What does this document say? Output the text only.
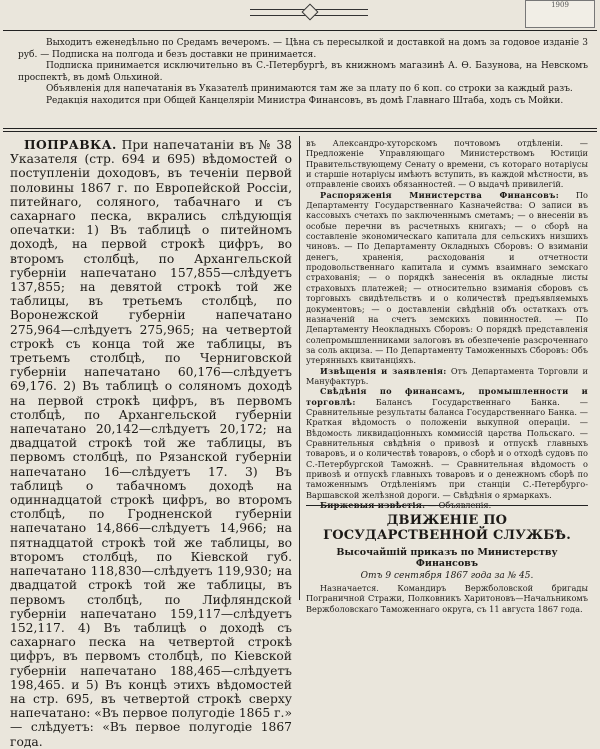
1909

Выходитъ еженедѣльно по Средамъ вечеромъ. — Цѣна съ пересылкой и доставкой на домъ за годовое изданіе 3 руб. — Подписка на полгода и безъ доставки не принимается.

Подписка принимается исключительно въ С.-Петербургѣ, въ книжномъ магазинѣ А. Ѳ. Базунова, на Невскомъ проспектѣ, въ домѣ Ольхиной.

Объявленія для напечатанія въ Указателѣ принимаются там же за плату по 6 коп. со строки за каждый разъ.

Редакція находится при Общей Канцеляріи Министра Финансовъ, въ домѣ Главнаго Штаба, ходъ съ Мойки.

ПОПРАВКА. При напечатаніи въ № 38 Указателя (стр. 694 и 695) вѣдомостей о поступленіи доходовъ, въ теченіи первой половины 1867 г. по Европейской Россіи, питейнаго, соляного, табачнаго и съ сахарнаго песка, вкрались слѣдующія опечатки: 1) Въ таблицѣ о питейномъ доходѣ, на первой строкѣ цифръ, во второмъ столбцѣ, по Архангельской губерніи напечатано 157,855—слѣдуетъ 137,855; на девятой строкѣ той же таблицы, въ третьемъ столбцѣ, по Воронежской губерніи напечатано 275,964—слѣдуетъ 275,965; на четвертой строкѣ съ конца той же таблицы, въ третьемъ столбцѣ, по Черниговской губерніи напечатано 60,176—слѣдуетъ 69,176. 2) Въ таблицѣ о соляномъ доходѣ на первой строкѣ цифръ, въ первомъ столбцѣ, по Архангельской губерніи напечатано 20,142—слѣдуетъ 20,172; на двадцатой строкѣ той же таблицы, въ первомъ столбцѣ, по Рязанской губерніи напечатано 16—слѣдуетъ 17. 3) Въ таблицѣ о табачномъ доходѣ на одиннадцатой строкѣ цифръ, во второмъ столбцѣ, по Гродненской губерніи напечатано 14,866—слѣдуетъ 14,966; на пятнадцатой строкѣ той же таблицы, во второмъ столбцѣ, по Кіевской губ. напечатано 118,830—слѣдуетъ 119,930; на двадцатой строкѣ той же таблицы, въ первомъ столбцѣ, по Лифляндской губерніи напечатано 159,117—слѣдуетъ 152,117. 4) Въ таблицѣ о доходѣ съ сахарнаго песка на четвертой строкѣ цифръ, въ первомъ столбцѣ, по Кіевской губерніи напечатано 188,465—слѣдуетъ 198,465. и 5) Въ концѣ этихъ вѣдомостей на стр. 695, въ четвертой строкѣ сверху напечатано: «Въ первое полугодіе 1865 г.» — слѣдуетъ: «Въ первое полугодіе 1867 года.

въ Александро-хуторскомъ почтовомъ отдѣленіи. — Предложеніе Управляющаго Министерствомъ Юстиціи Правительствующему Сенату о времени, съ котораго нотаріусы и старшіе нотаріусы имѣютъ вступить, въ каждой мѣстности, въ отправленіе своихъ обязанностей. — О выдачѣ привилегій.

Распоряженія Министерства Финансовъ: По Департаменту Государственнаго Казначейства: О записи въ кассовыхъ счетахъ по заключеннымъ сметамъ; — о внесеніи въ особые перечни въ расчетныхъ книгахъ; — о сборѣ на составленіе экономическаго капитала для сельскихъ низшихъ чиновъ. — По Департаменту Окладныхъ Сборовъ: О взиманіи денегъ, храненія, расходованія и отчетности продовольственнаго капитала и суммъ взаимнаго земскаго страхованія; — о порядкѣ занесенія въ окладные листы страховыхъ платежей; — относительно взиманія сборовъ съ торговыхъ свидѣтельствъ и о количествѣ предъявляемыхъ документовъ; — о доставленіи свѣдѣній объ остаткахъ отъ назначеній на счетъ земскихъ повинностей. — По Департаменту Неокладныхъ Сборовъ: О порядкѣ представленія солепромышленниками залоговъ въ обезпеченіе разсроченнаго за соль акциза. — По Департаменту Таможенныхъ Сборовъ: Объ утерянныхъ квитанціяхъ.

Извѣщенія и заявленія: Отъ Департамента Торговли и Мануфактуръ.

Свѣдѣнія по финансамъ, промышленности и торговлѣ: Балансъ Государственнаго Банка. — Сравнительные результаты баланса Государственнаго Банка. — Краткая вѣдомость о положеніи выкупной операціи. — Вѣдомость ликвидаціонныхъ коммиссій царства Польскаго. — Сравнительныя свѣдѣнія о привозѣ и отпускѣ главныхъ товаровъ, и о количествѣ товаровъ, о сборѣ и о отходѣ судовъ по С.-Петербургской Таможнѣ. — Сравнительная вѣдомость о привозѣ и отпускѣ главныхъ товаровъ и о денежномъ сборѣ по таможеннымъ Отдѣленіямъ при станціи С.-Петербурго-Варшавской желѣзной дороги. — Свѣдѣнія о ярмаркахъ.

Биржевыя извѣстія. — Объявленія.

ДВИЖЕНІЕ ПО ГОСУДАРСТВЕННОЙ СЛУЖБѢ.

Высочайшій приказъ по Министерству Финансовъ

Отъ 9 сентября 1867 года за № 45.

Назначается. Командиръ Вержболовской бригады Пограничной Стражи, Полковникъ Харитоновъ—Начальникомъ Вержболовскаго Таможеннаго округа, съ 11 августа 1867 года.
